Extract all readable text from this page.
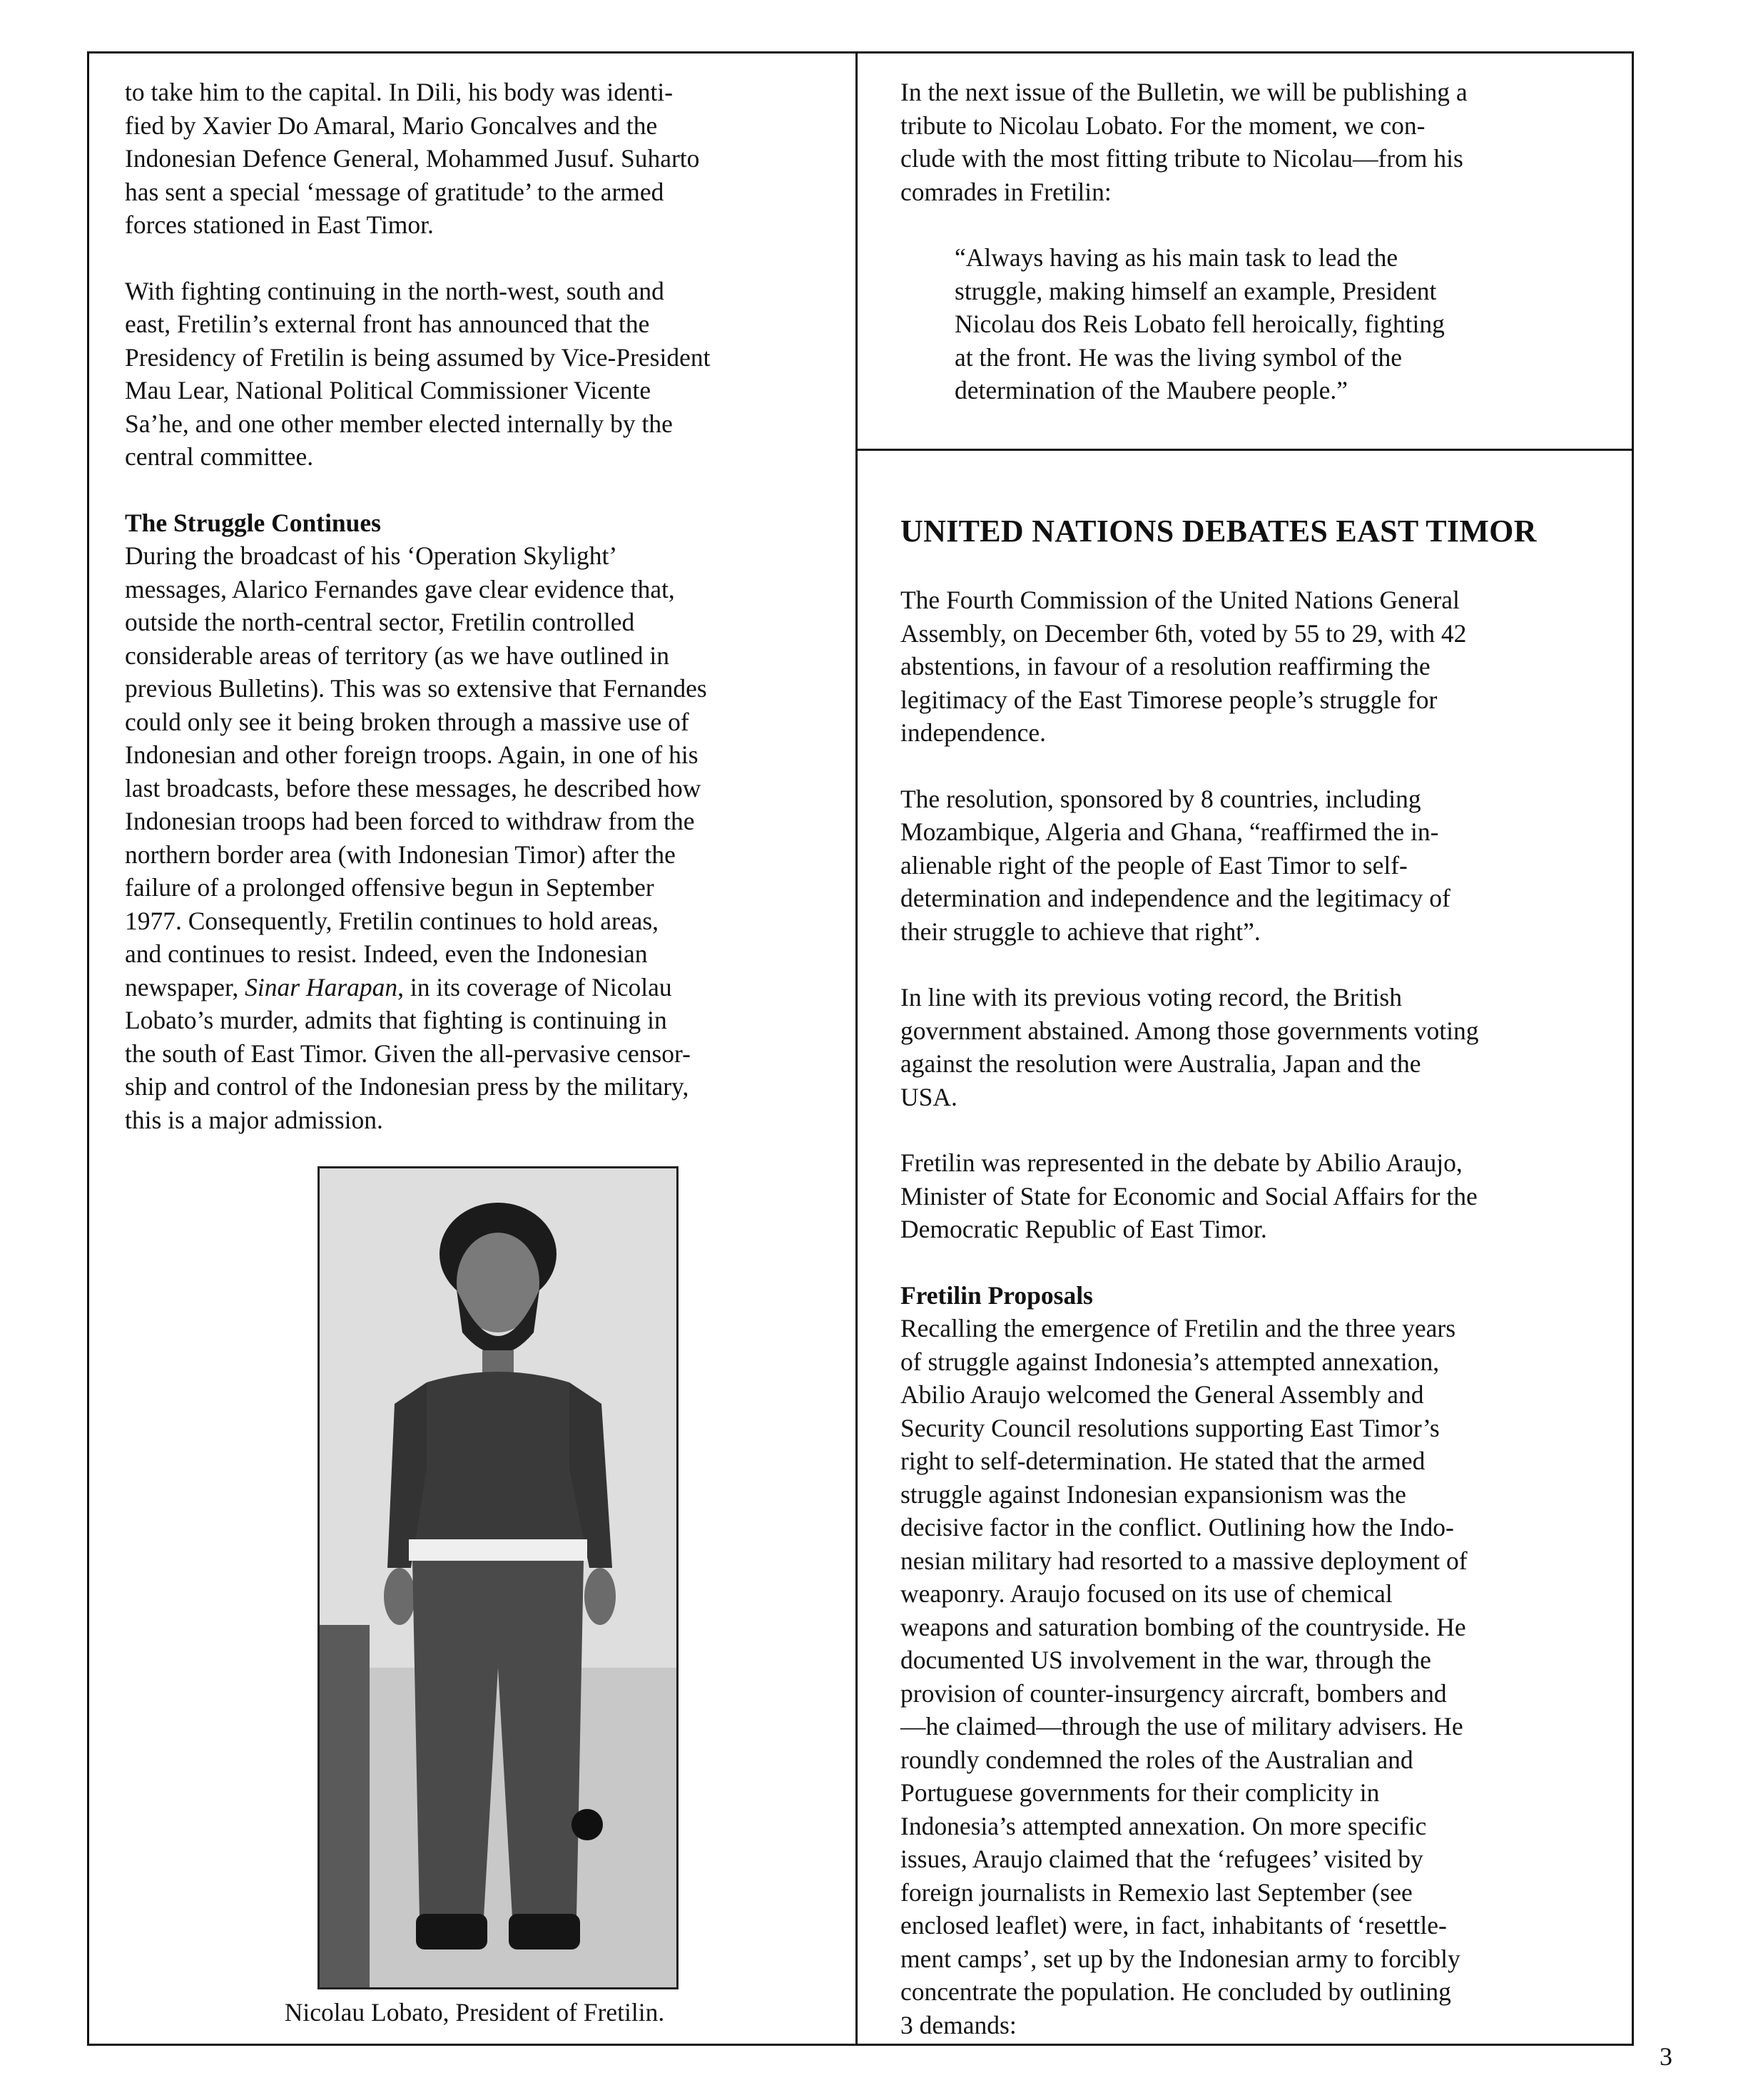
to take him to the capital. In Dili, his body was identi-
fied by Xavier Do Amaral, Mario Goncalves and the
Indonesian Defence General, Mohammed Jusuf. Suharto
has sent a special ‘message of gratitude’ to the armed
forces stationed in East Timor.

With fighting continuing in the north-west, south and
east, Fretilin’s external front has announced that the
Presidency of Fretilin is being assumed by Vice-President
Mau Lear, National Political Commissioner Vicente
Sa’he, and one other member elected internally by the
central committee.

The Struggle Continues

During the broadcast of his ‘Operation Skylight’
messages, Alarico Fernandes gave clear evidence that,
outside the north-central sector, Fretilin controlled
considerable areas of territory (as we have outlined in
previous Bulletins). This was so extensive that Fernandes
could only see it being broken through a massive use of
Indonesian and other foreign troops. Again, in one of his
last broadcasts, before these messages, he described how
Indonesian troops had been forced to withdraw from the
northern border area (with Indonesian Timor) after the
failure of a prolonged offensive begun in September
1977. Consequently, Fretilin continues to hold areas,
and continues to resist. Indeed, even the Indonesian
newspaper, Sinar Harapan, in its coverage of Nicolau
Lobato’s murder, admits that fighting is continuing in
the south of East Timor. Given the all-pervasive censor-
ship and control of the Indonesian press by the military,
this is a major admission.

Nicolau Lobato, President of Fretilin.

In the next issue of the Bulletin, we will be publishing a
tribute to Nicolau Lobato. For the moment, we con-
clude with the most fitting tribute to Nicolau—from his
comrades in Fretilin:

“Always having as his main task to lead the
struggle, making himself an example, President
Nicolau dos Reis Lobato fell heroically, fighting
at the front. He was the living symbol of the
determination of the Maubere people.”

UNITED NATIONS DEBATES EAST TIMOR

The Fourth Commission of the United Nations General
Assembly, on December 6th, voted by 55 to 29, with 42
abstentions, in favour of a resolution reaffirming the
legitimacy of the East Timorese people’s struggle for
independence.

The resolution, sponsored by 8 countries, including
Mozambique, Algeria and Ghana, “reaffirmed the in-
alienable right of the people of East Timor to self-
determination and independence and the legitimacy of
their struggle to achieve that right”.

In line with its previous voting record, the British
government abstained. Among those governments voting
against the resolution were Australia, Japan and the
USA.

Fretilin was represented in the debate by Abilio Araujo,
Minister of State for Economic and Social Affairs for the
Democratic Republic of East Timor.

Fretilin Proposals

Recalling the emergence of Fretilin and the three years
of struggle against Indonesia’s attempted annexation,
Abilio Araujo welcomed the General Assembly and
Security Council resolutions supporting East Timor’s
right to self-determination. He stated that the armed
struggle against Indonesian expansionism was the
decisive factor in the conflict. Outlining how the Indo-
nesian military had resorted to a massive deployment of
weaponry. Araujo focused on its use of chemical
weapons and saturation bombing of the countryside. He
documented US involvement in the war, through the
provision of counter-insurgency aircraft, bombers and
—he claimed—through the use of military advisers. He
roundly condemned the roles of the Australian and
Portuguese governments for their complicity in
Indonesia’s attempted annexation. On more specific
issues, Araujo claimed that the ‘refugees’ visited by
foreign journalists in Remexio last September (see
enclosed leaflet) were, in fact, inhabitants of ‘resettle-
ment camps’, set up by the Indonesian army to forcibly
concentrate the population. He concluded by outlining
3 demands:

3
